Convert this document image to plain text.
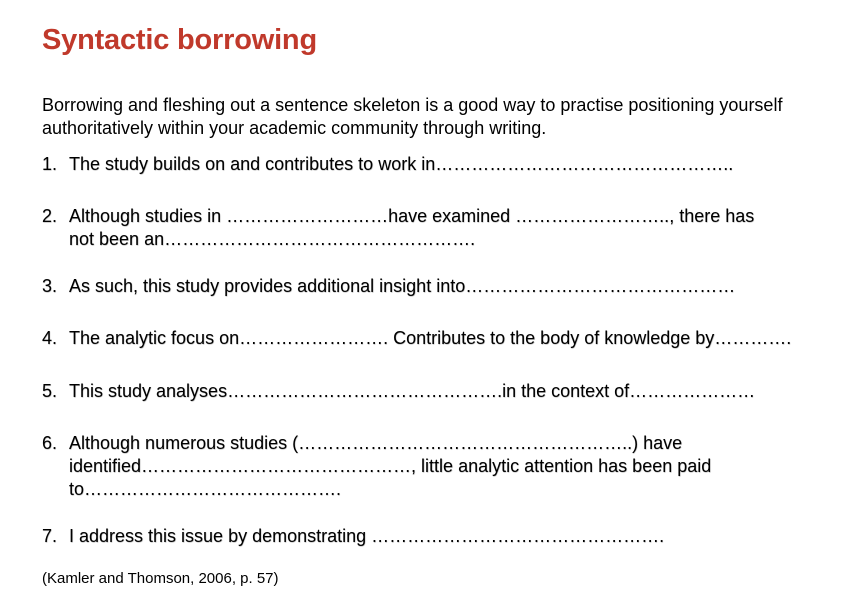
Syntactic borrowing
Borrowing and fleshing out a sentence skeleton is a good way to practise positioning yourself authoritatively within your academic community through writing.
1. The study builds on and contributes to work in…………………………………………..
2. Although studies in ………………………have examined …………………….., there has
not been an…………………………………………….
3. As such, this study provides additional insight into………………………………………
4. The analytic focus on……………………. Contributes to the body of knowledge by………….
5. This study analyses……………………………………….in the context of…………………
6. Although numerous studies (………………………………………………..) have
identified………………………………………, little analytic attention has been paid
to…………………………………….
7. I address this issue by demonstrating ………………………………………….
(Kamler and Thomson, 2006, p. 57)
